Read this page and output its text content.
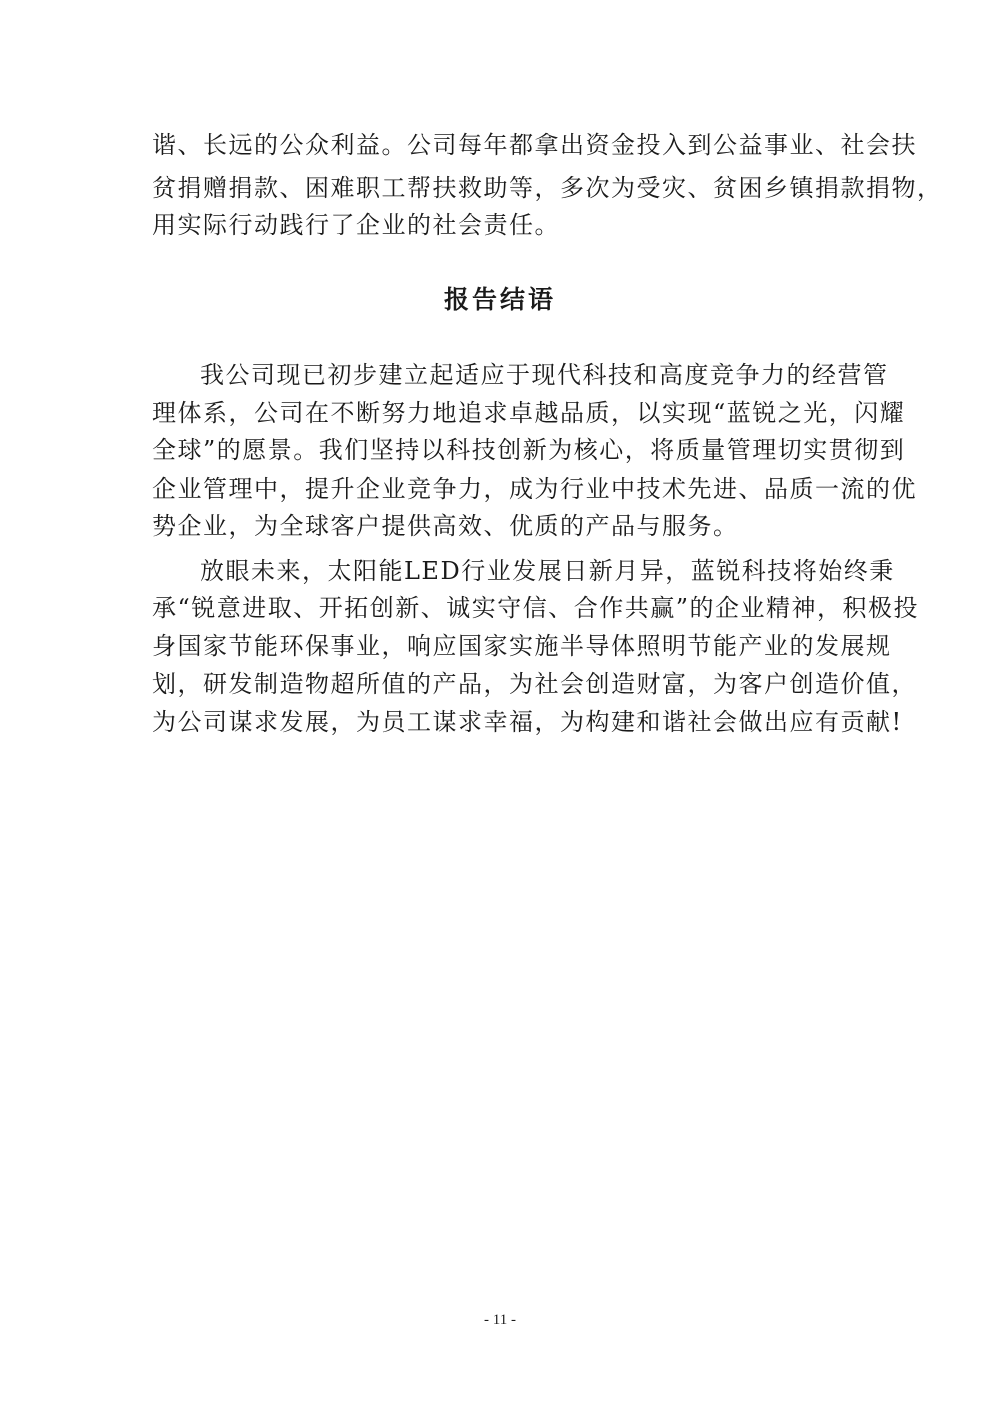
谐、长远的公众利益。公司每年都拿出资金投入到公益事业、社会扶
贫捐赠捐款、困难职工帮扶救助等，多次为受灾、贫困乡镇捐款捐物，
用实际行动践行了企业的社会责任。
报告结语
我公司现已初步建立起适应于现代科技和高度竞争力的经营管
理体系，公司在不断努力地追求卓越品质，以实现“蓝锐之光，闪耀
全球”的愿景。我们坚持以科技创新为核心，将质量管理切实贯彻到
企业管理中，提升企业竞争力，成为行业中技术先进、品质一流的优
势企业，为全球客户提供高效、优质的产品与服务。
放眼未来，太阳能LED行业发展日新月异，蓝锐科技将始终秉
承“锐意进取、开拓创新、诚实守信、合作共赢”的企业精神，积极投
身国家节能环保事业，响应国家实施半导体照明节能产业的发展规
划，研发制造物超所值的产品，为社会创造财富，为客户创造价值，
为公司谋求发展，为员工谋求幸福，为构建和谐社会做出应有贡献!
- 11 -
